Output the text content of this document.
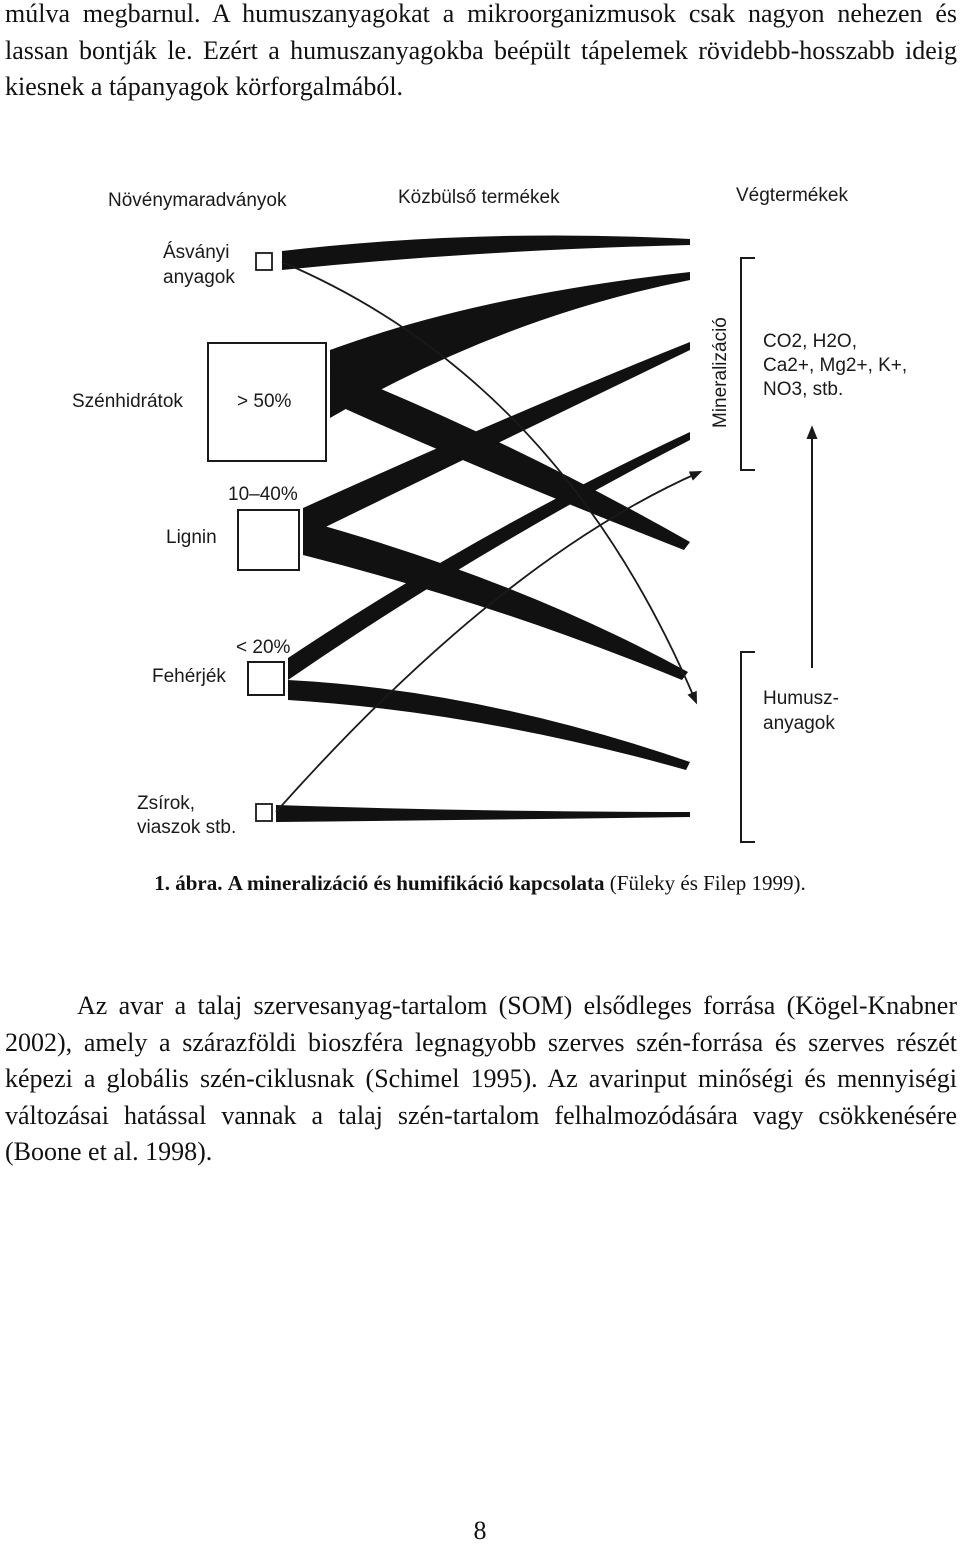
múlva megbarnul. A humuszanyagokat a mikroorganizmusok csak nagyon nehezen és lassan bontják le. Ezért a humuszanyagokba beépült tápelemek rövidebb-hosszabb ideig kiesnek a tápanyagok körforgalmából.

Növénymaradványok	Közbülső termékek	Végtermékek
Ásványi
anyagok
Szénhidrátok	> 50%
10–40%
Lignin
< 20%
Fehérjék
Zsírok,
viaszok stb.
Mineralizáció CO2, H2O,
Ca2+, Mg2+, K+,
NO3, stb.
Humusz-
anyagok
1. ábra. A mineralizáció és humifikáció kapcsolata (Füleky és Filep 1999).

Az avar a talaj szervesanyag-tartalom (SOM) elsődleges forrása (Kögel-Knabner 2002), amely a szárazföldi bioszféra legnagyobb szerves szén-forrása és szerves részét képezi a globális szén-ciklusnak (Schimel 1995). Az avarinput minőségi és mennyiségi változásai hatással vannak a talaj szén-tartalom felhalmozódására vagy csökkenésére (Boone et al. 1998).

8
